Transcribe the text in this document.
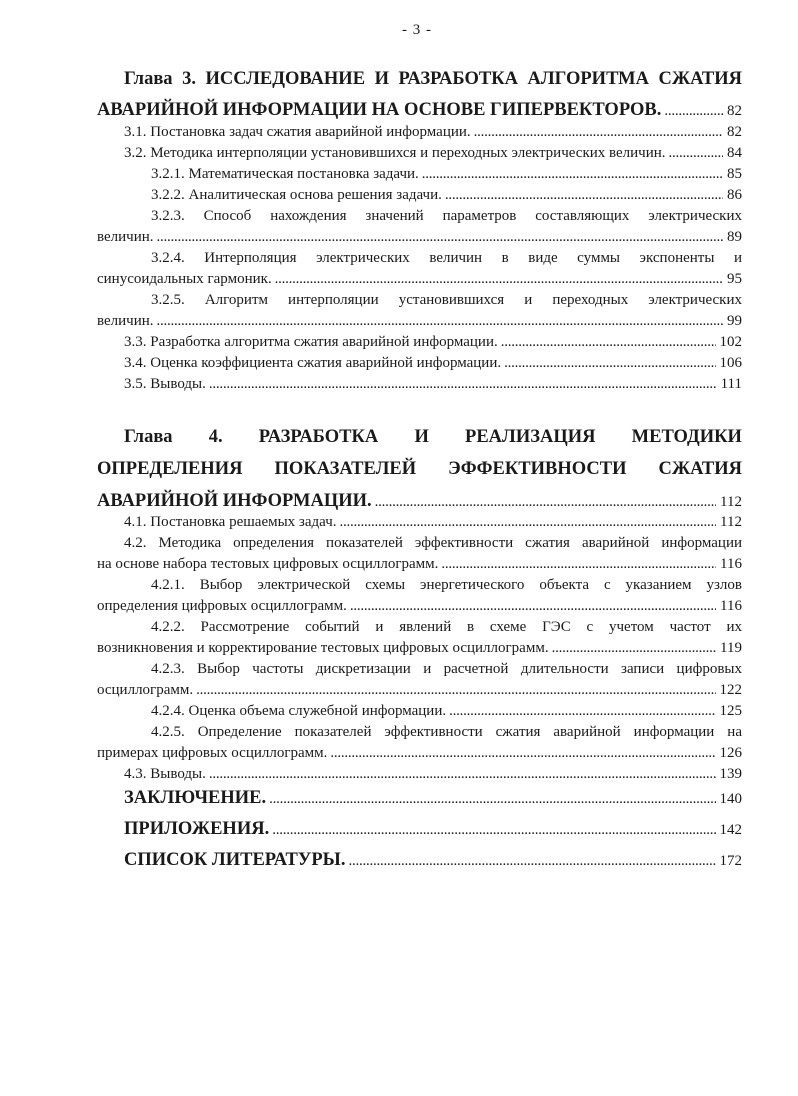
- 3 -
Глава 3. ИССЛЕДОВАНИЕ И РАЗРАБОТКА АЛГОРИТМА СЖАТИЯ
АВАРИЙНОЙ ИНФОРМАЦИИ НА ОСНОВЕ ГИПЕРВЕКТОРОВ. . . .	82
3.1. Постановка задач сжатия аварийной информации. . . .	82
3.2. Методика интерполяции установившихся и переходных электрических величин. . . .	84
3.2.1. Математическая постановка задачи. . . .	85
3.2.2. Аналитическая основа решения задачи. . . .	86
3.2.3. Способ нахождения значений параметров составляющих электрических
величин. . . .	89
3.2.4. Интерполяция электрических величин в виде суммы экспоненты и
синусоидальных гармоник. . . .	95
3.2.5. Алгоритм интерполяции установившихся и переходных электрических
величин. . . .	99
3.3. Разработка алгоритма сжатия аварийной информации. . . .	102
3.4. Оценка коэффициента сжатия аварийной информации. . . .	106
3.5. Выводы. . . .	111
Глава 4. РАЗРАБОТКА И РЕАЛИЗАЦИЯ МЕТОДИКИ
ОПРЕДЕЛЕНИЯ ПОКАЗАТЕЛЕЙ ЭФФЕКТИВНОСТИ СЖАТИЯ
АВАРИЙНОЙ ИНФОРМАЦИИ. . . .	112
4.1. Постановка решаемых задач. . . .	112
4.2. Методика определения показателей эффективности сжатия аварийной информации
на основе набора тестовых цифровых осциллограмм. . . .	116
4.2.1. Выбор электрической схемы энергетического объекта с указанием узлов
определения цифровых осциллограмм. . . .	116
4.2.2. Рассмотрение событий и явлений в схеме ГЭС с учетом частот их
возникновения и корректирование тестовых цифровых осциллограмм. . . .	119
4.2.3. Выбор частоты дискретизации и расчетной длительности записи цифровых
осциллограмм. . . .	122
4.2.4. Оценка объема служебной информации. . . .	125
4.2.5. Определение показателей эффективности сжатия аварийной информации на
примерах цифровых осциллограмм. . . .	126
4.3. Выводы. . . .	139
ЗАКЛЮЧЕНИЕ. . . .	140
ПРИЛОЖЕНИЯ. . . .	142
СПИСОК ЛИТЕРАТУРЫ. . . .	172
